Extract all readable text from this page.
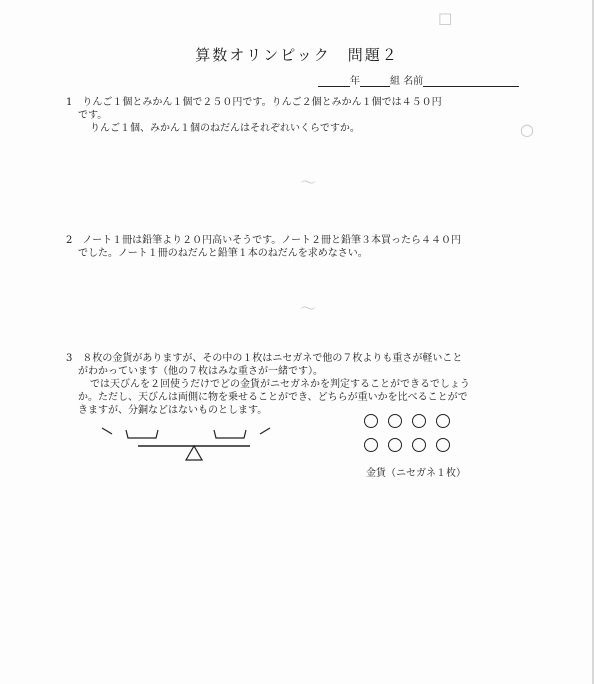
算数オリンピック　問題２
年	組 名前
☐
○
～
～
1　 りんご１個とみかん１個で２５０円です。りんご２個とみかん１個では４５０円
です。
りんご１個、みかん１個のねだんはそれぞれいくらですか。
2　 ノート１冊は鉛筆より２０円高いそうです。ノート２冊と鉛筆３本買ったら４４０円
でした。ノート１冊のねだんと鉛筆１本のねだんを求めなさい。
3　 ８枚の金貨がありますが、その中の１枚はニセガネで他の７枚よりも重さが軽いこと
がわかっています（他の７枚はみな重さが一緒です）。
では天びんを２回使うだけでどの金貨がニセガネかを判定することができるでしょう
か。ただし、天びんは両側に物を乗せることができ、どちらが重いかを比べることがで
きますが、分銅などはないものとします。
金貨（ニセガネ１枚）
